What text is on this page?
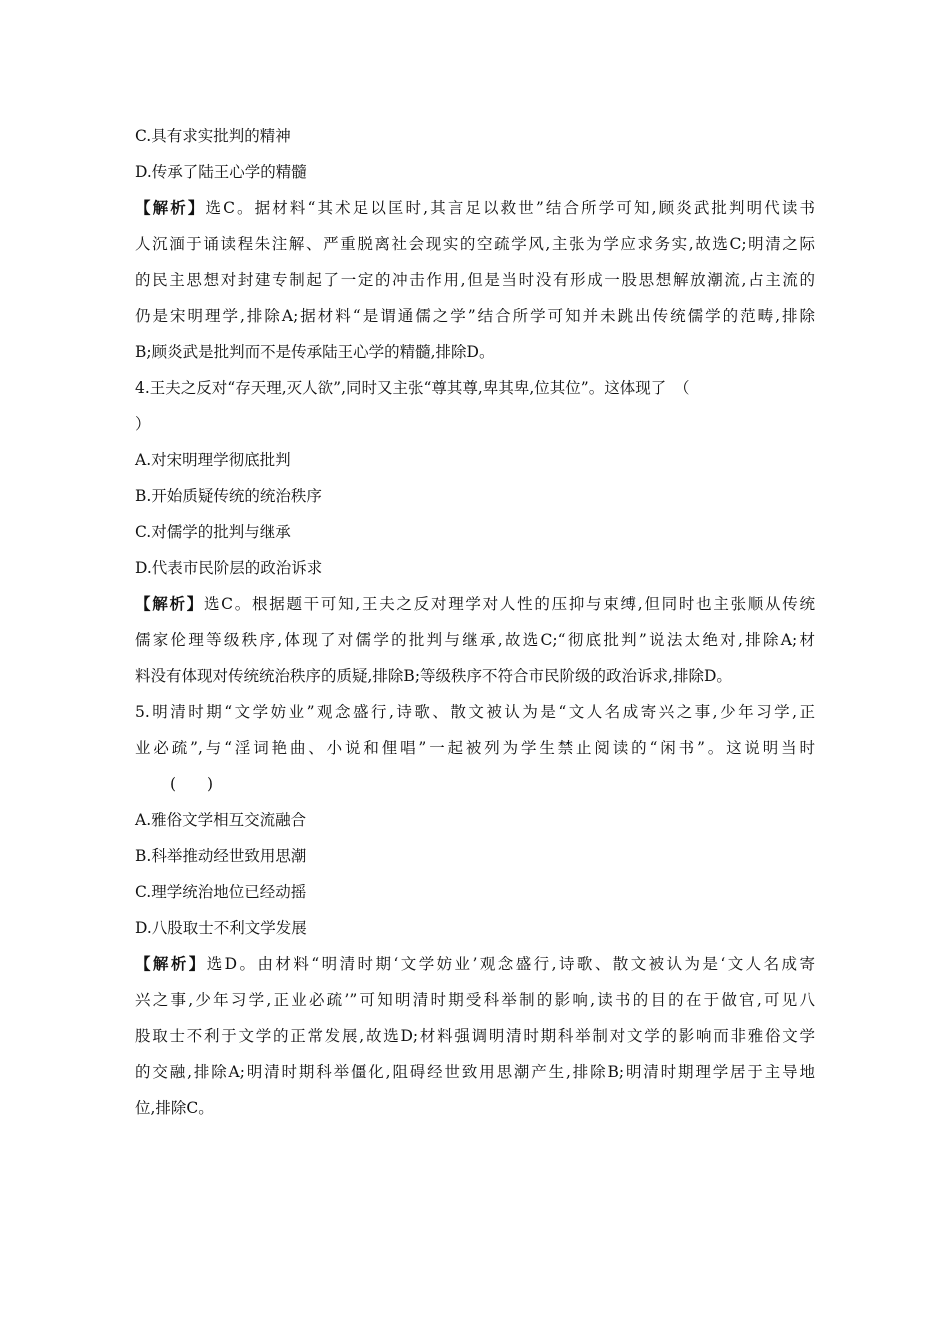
C.具有求实批判的精神
D.传承了陆王心学的精髓
【解析】选C。据材料“其术足以匡时,其言足以救世”结合所学可知,顾炎武批判明代读书
人沉湎于诵读程朱注解、严重脱离社会现实的空疏学风,主张为学应求务实,故选C;明清之际
的民主思想对封建专制起了一定的冲击作用,但是当时没有形成一股思想解放潮流,占主流的
仍是宋明理学,排除A;据材料“是谓通儒之学”结合所学可知并未跳出传统儒学的范畴,排除
B;顾炎武是批判而不是传承陆王心学的精髓,排除D。
4.王夫之反对“存天理,灭人欲”,同时又主张“尊其尊,卑其卑,位其位”。这体现了　（
）
A.对宋明理学彻底批判
B.开始质疑传统的统治秩序
C.对儒学的批判与继承
D.代表市民阶层的政治诉求
【解析】选C。根据题干可知,王夫之反对理学对人性的压抑与束缚,但同时也主张顺从传统
儒家伦理等级秩序,体现了对儒学的批判与继承,故选C;“彻底批判”说法太绝对,排除A;材
料没有体现对传统统治秩序的质疑,排除B;等级秩序不符合市民阶级的政治诉求,排除D。
5.明清时期“文学妨业”观念盛行,诗歌、散文被认为是“文人名成寄兴之事,少年习学,正
业必疏”,与“淫词艳曲、小说和俚唱”一起被列为学生禁止阅读的“闲书”。这说明当时
(　　)
A.雅俗文学相互交流融合
B.科举推动经世致用思潮
C.理学统治地位已经动摇
D.八股取士不利文学发展
【解析】选D。由材料“明清时期‘文学妨业’观念盛行,诗歌、散文被认为是‘文人名成寄
兴之事,少年习学,正业必疏’”可知明清时期受科举制的影响,读书的目的在于做官,可见八
股取士不利于文学的正常发展,故选D;材料强调明清时期科举制对文学的影响而非雅俗文学
的交融,排除A;明清时期科举僵化,阻碍经世致用思潮产生,排除B;明清时期理学居于主导地
位,排除C。
